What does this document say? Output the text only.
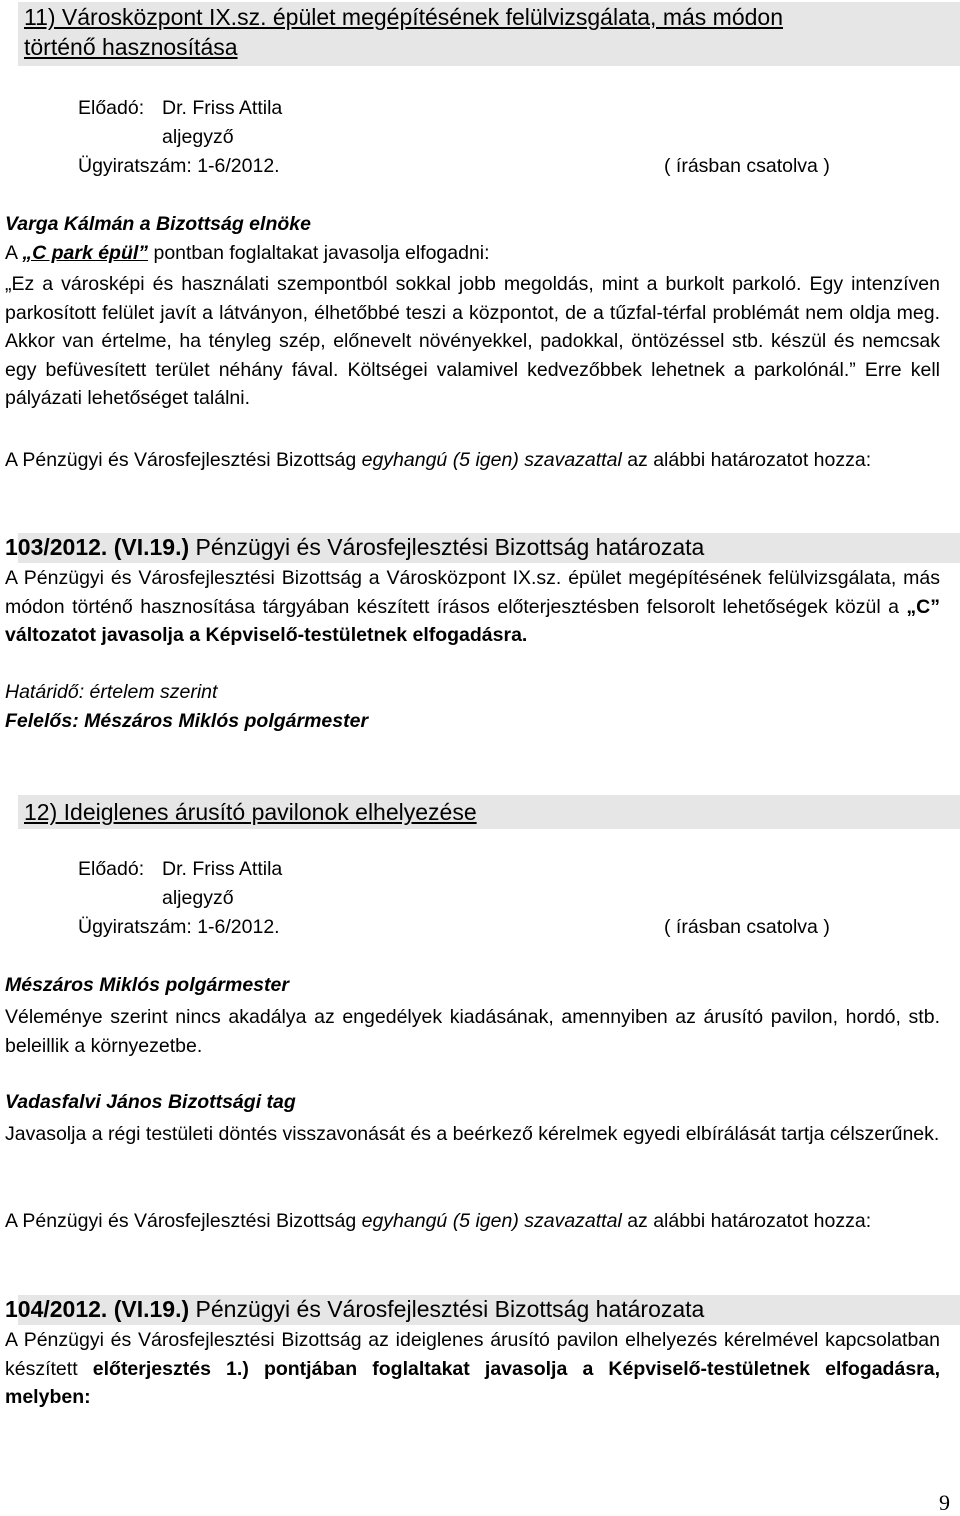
11) Városközpont IX.sz. épület megépítésének felülvizsgálata, más módon
történő hasznosítása
Előadó: Dr. Friss Attila
aljegyző
Ügyiratszám: 1-6/2012.	( írásban csatolva )
Varga Kálmán a Bizottság elnöke
A „C park épül” pontban foglaltakat javasolja elfogadni:
„Ez a városképi és használati szempontból sokkal jobb megoldás, mint a burkolt parkoló. Egy intenzíven parkosított felület javít a látványon, élhetőbbé teszi a központot, de a tűzfal-térfal problémát nem oldja meg. Akkor van értelme, ha tényleg szép, előnevelt növényekkel, padokkal, öntözéssel stb. készül és nemcsak egy befüvesített terület néhány fával. Költségei valamivel kedvezőbbek lehetnek a parkolónál.” Erre kell pályázati lehetőséget találni.
A Pénzügyi és Városfejlesztési Bizottság egyhangú (5 igen) szavazattal az alábbi határozatot hozza:
103/2012. (VI.19.) Pénzügyi és Városfejlesztési Bizottság határozata
A Pénzügyi és Városfejlesztési Bizottság a Városközpont IX.sz. épület megépítésének felülvizsgálata, más módon történő hasznosítása tárgyában készített írásos előterjesztésben felsorolt lehetőségek közül a „C” változatot javasolja a Képviselő-testületnek elfogadásra.
Határidő: értelem szerint
Felelős: Mészáros Miklós polgármester
12) Ideiglenes árusító pavilonok elhelyezése
Előadó: Dr. Friss Attila
aljegyző
Ügyiratszám: 1-6/2012.	( írásban csatolva )
Mészáros Miklós polgármester
Véleménye szerint nincs akadálya az engedélyek kiadásának, amennyiben az árusító pavilon, hordó, stb. beleillik a környezetbe.
Vadasfalvi János Bizottsági tag
Javasolja a régi testületi döntés visszavonását és a beérkező kérelmek egyedi elbírálását tartja célszerűnek.
A Pénzügyi és Városfejlesztési Bizottság egyhangú (5 igen) szavazattal az alábbi határozatot hozza:
104/2012. (VI.19.) Pénzügyi és Városfejlesztési Bizottság határozata
A Pénzügyi és Városfejlesztési Bizottság az ideiglenes árusító pavilon elhelyezés kérelmével kapcsolatban készített előterjesztés 1.) pontjában foglaltakat javasolja a Képviselő-testületnek elfogadásra, melyben:
9
